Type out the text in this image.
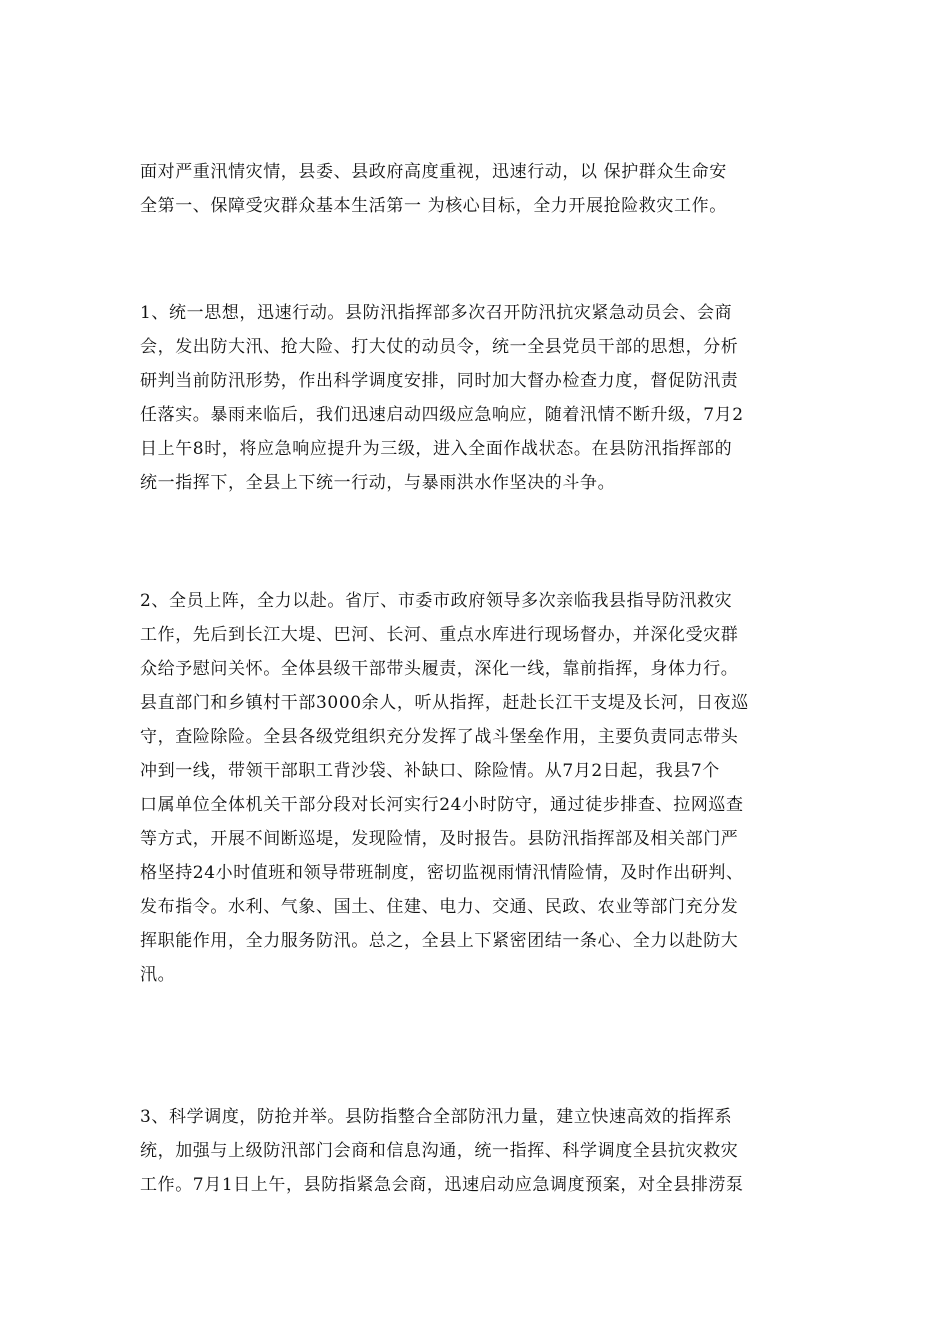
面对严重汛情灾情，县委、县政府高度重视，迅速行动，以 保护群众生命安
全第一、保障受灾群众基本生活第一 为核心目标，全力开展抢险救灾工作。

1、统一思想，迅速行动。县防汛指挥部多次召开防汛抗灾紧急动员会、会商
会，发出防大汛、抢大险、打大仗的动员令，统一全县党员干部的思想，分析
研判当前防汛形势，作出科学调度安排，同时加大督办检查力度，督促防汛责
任落实。暴雨来临后，我们迅速启动四级应急响应，随着汛情不断升级，7月2
日上午8时，将应急响应提升为三级，进入全面作战状态。在县防汛指挥部的
统一指挥下，全县上下统一行动，与暴雨洪水作坚决的斗争。

2、全员上阵，全力以赴。省厅、市委市政府领导多次亲临我县指导防汛救灾
工作，先后到长江大堤、巴河、长河、重点水库进行现场督办，并深化受灾群
众给予慰问关怀。全体县级干部带头履责，深化一线，靠前指挥，身体力行。
县直部门和乡镇村干部3000余人，听从指挥，赶赴长江干支堤及长河，日夜巡
守，查险除险。全县各级党组织充分发挥了战斗堡垒作用，主要负责同志带头
冲到一线，带领干部职工背沙袋、补缺口、除险情。从7月2日起，我县7个
口属单位全体机关干部分段对长河实行24小时防守，通过徒步排查、拉网巡查
等方式，开展不间断巡堤，发现险情，及时报告。县防汛指挥部及相关部门严
格坚持24小时值班和领导带班制度，密切监视雨情汛情险情，及时作出研判、
发布指令。水利、气象、国土、住建、电力、交通、民政、农业等部门充分发
挥职能作用，全力服务防汛。总之，全县上下紧密团结一条心、全力以赴防大
汛。

3、科学调度，防抢并举。县防指整合全部防汛力量，建立快速高效的指挥系
统，加强与上级防汛部门会商和信息沟通，统一指挥、科学调度全县抗灾救灾
工作。7月1日上午，县防指紧急会商，迅速启动应急调度预案，对全县排涝泵
